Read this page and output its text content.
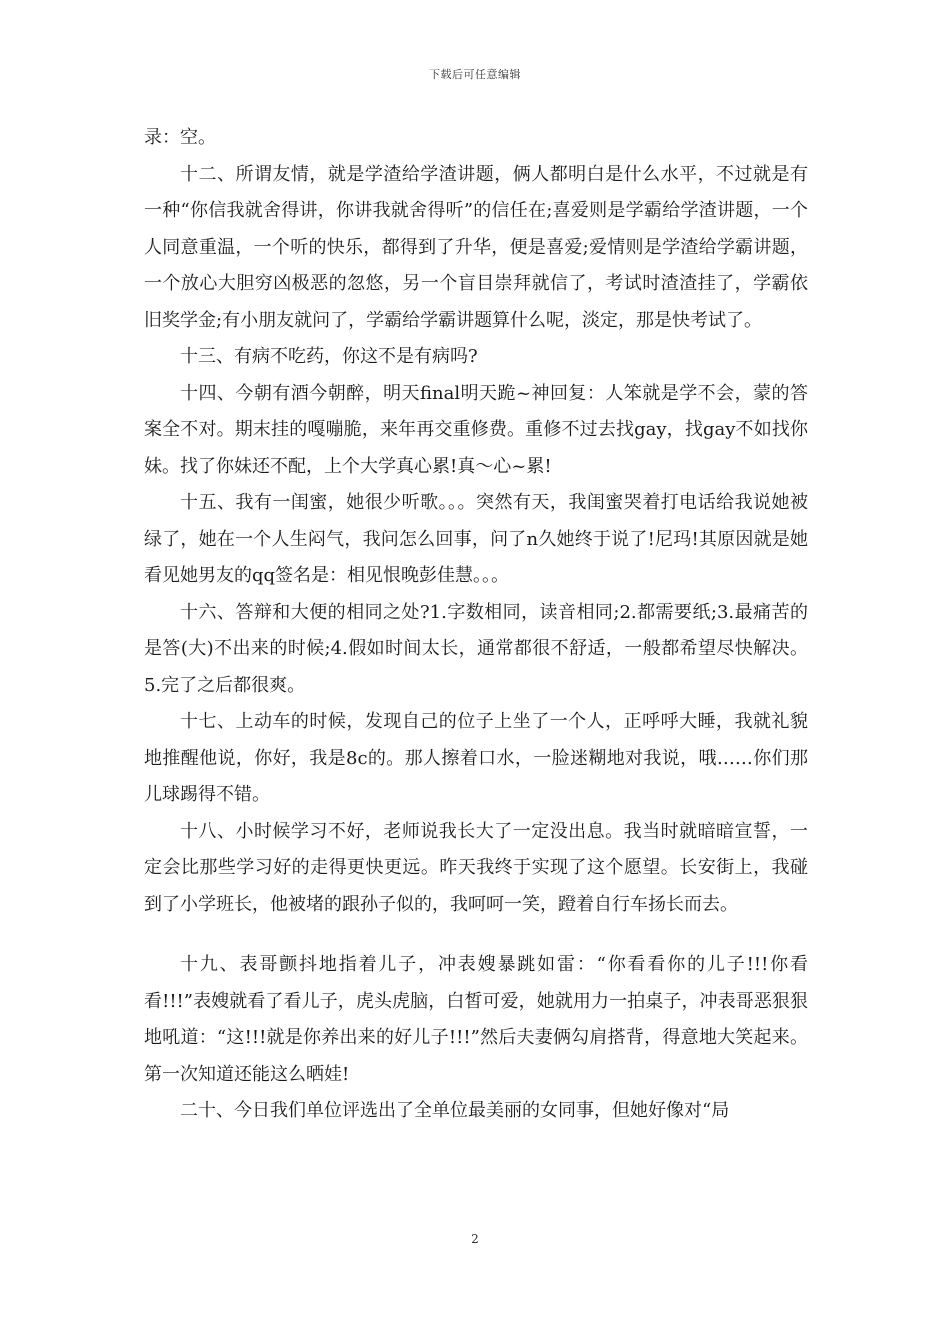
下载后可任意编辑

录：空。

十二、所谓友情，就是学渣给学渣讲题，俩人都明白是什么水平，不过就是有一种“你信我就舍得讲，你讲我就舍得听”的信任在;喜爱则是学霸给学渣讲题，一个人同意重温，一个听的快乐，都得到了升华，便是喜爱;爱情则是学渣给学霸讲题，一个放心大胆穷凶极恶的忽悠，另一个盲目崇拜就信了，考试时渣渣挂了，学霸依旧奖学金;有小朋友就问了，学霸给学霸讲题算什么呢，淡定，那是快考试了。

十三、有病不吃药，你这不是有病吗?

十四、今朝有酒今朝醉，明天final明天跪~神回复：人笨就是学不会，蒙的答案全不对。期末挂的嘎嘣脆，来年再交重修费。重修不过去找gay，找gay不如找你妹。找了你妹还不配，上个大学真心累!真～心~累!

十五、我有一闺蜜，她很少听歌。。。突然有天，我闺蜜哭着打电话给我说她被绿了，她在一个人生闷气，我问怎么回事，问了n久她终于说了!尼玛!其原因就是她看见她男友的qq签名是：相见恨晚彭佳慧。。。

十六、答辩和大便的相同之处?1.字数相同，读音相同;2.都需要纸;3.最痛苦的是答(大)不出来的时候;4.假如时间太长，通常都很不舒适，一般都希望尽快解决。5.完了之后都很爽。

十七、上动车的时候，发现自己的位子上坐了一个人，正呼呼大睡，我就礼貌地推醒他说，你好，我是8c的。那人擦着口水，一脸迷糊地对我说，哦……你们那儿球踢得不错。

十八、小时候学习不好，老师说我长大了一定没出息。我当时就暗暗宣誓，一定会比那些学习好的走得更快更远。昨天我终于实现了这个愿望。长安街上，我碰到了小学班长，他被堵的跟孙子似的，我呵呵一笑，蹬着自行车扬长而去。

十九、表哥颤抖地指着儿子，冲表嫂暴跳如雷：“你看看你的儿子!!!你看看!!!”表嫂就看了看儿子，虎头虎脑，白皙可爱，她就用力一拍桌子，冲表哥恶狠狠地吼道：“这!!!就是你养出来的好儿子!!!”然后夫妻俩勾肩搭背，得意地大笑起来。第一次知道还能这么晒娃!

二十、今日我们单位评选出了全单位最美丽的女同事，但她好像对“局

2
